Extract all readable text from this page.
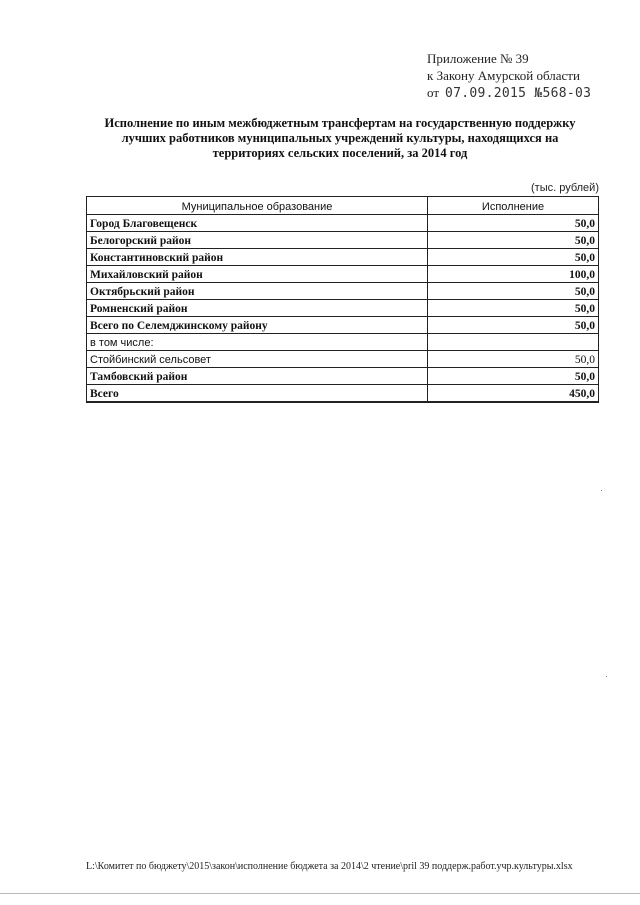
Приложение № 39
к Закону Амурской области
от 07.09.2015 №568-03
Исполнение по иным межбюджетным трансфертам на государственную поддержку
лучших работников муниципальных учреждений культуры, находящихся на
территориях сельских поселений, за 2014 год
(тыс. рублей)
Муниципальное образование	Исполнение
Город Благовещенск	50,0
Белогорский район	50,0
Константиновский район	50,0
Михайловский район	100,0
Октябрьский район	50,0
Ромненский район	50,0
Всего по Селемджинскому району	50,0
в том числе:	
Стойбинский сельсовет	50,0
Тамбовский район	50,0
Всего	450,0
L:\Комитет по бюджету\2015\закон\исполнение бюджета за 2014\2 чтение\pril 39 поддерж.работ.учр.культуры.xlsx
